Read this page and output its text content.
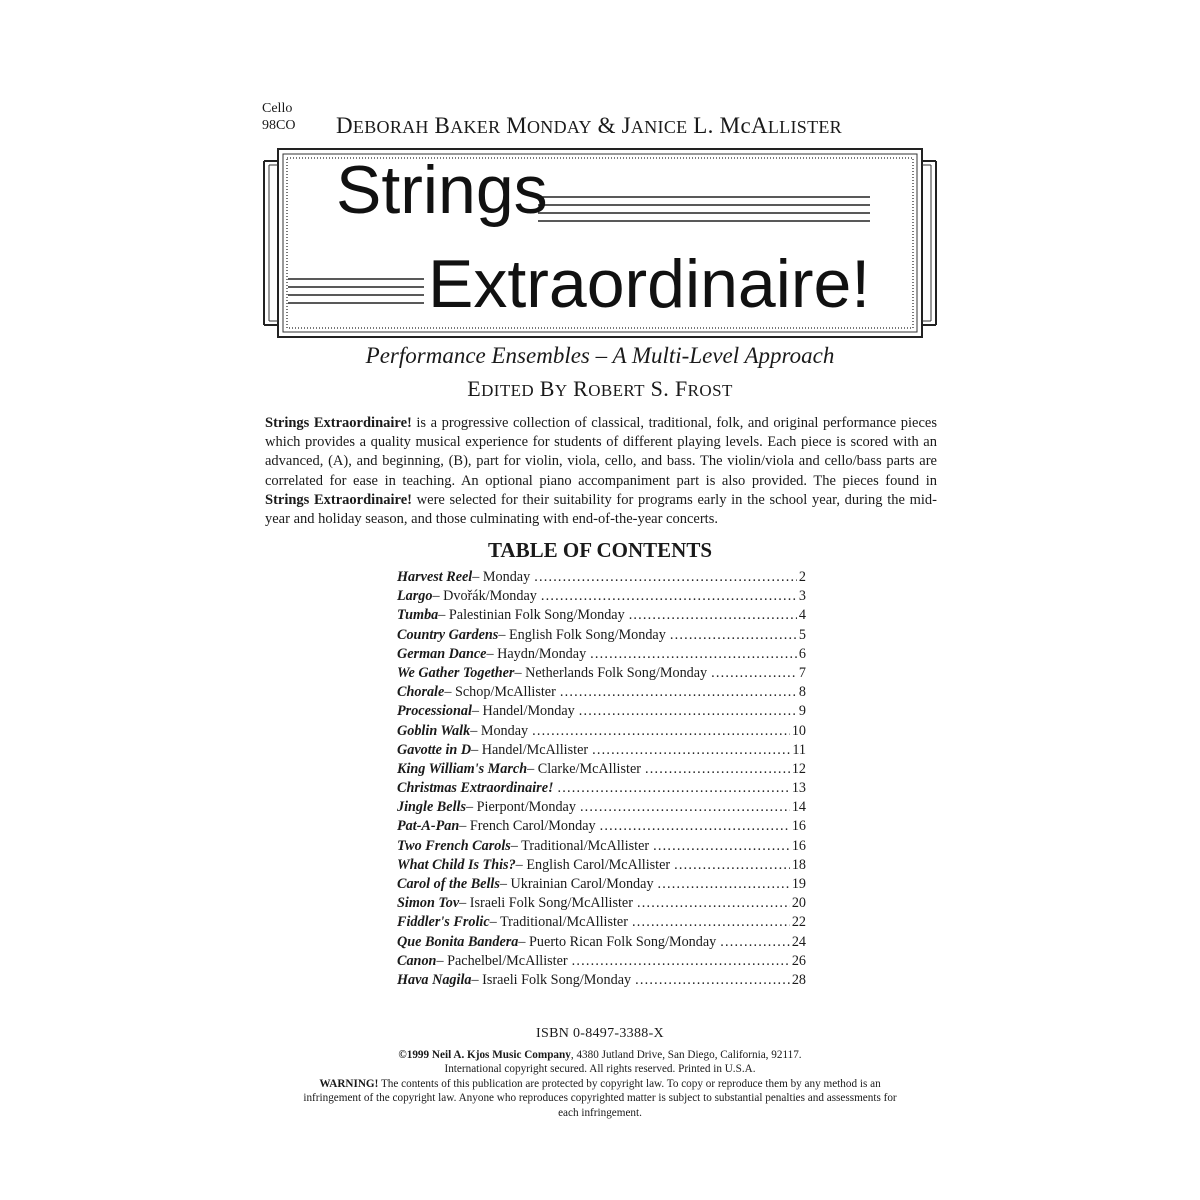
Cello
98CO DEBORAH BAKER MONDAY & JANICE L. McALLISTER
Strings
Extraordinaire!
Performance Ensembles – A Multi-Level Approach
EDITED BY ROBERT S. FROST
Strings Extraordinaire! is a progressive collection of classical, traditional, folk, and original performance pieces which provides a quality musical experience for students of different playing levels. Each piece is scored with an advanced, (A), and beginning, (B), part for violin, viola, cello, and bass. The violin/viola and cello/bass parts are correlated for ease in teaching. An optional piano accompaniment part is also provided. The pieces found in Strings Extraordinaire! were selected for their suitability for programs early in the school year, during the mid-year and holiday season, and those culminating with end-of-the-year concerts.
TABLE OF CONTENTS
Harvest Reel – Monday .....	2
Largo – Dvořák/Monday .....	3
Tumba – Palestinian Folk Song/Monday .....	4
Country Gardens – English Folk Song/Monday .....	5
German Dance – Haydn/Monday .....	6
We Gather Together – Netherlands Folk Song/Monday .....	7
Chorale – Schop/McAllister .....	8
Processional – Handel/Monday .....	9
Goblin Walk – Monday .....	10
Gavotte in D – Handel/McAllister .....	11
King William's March – Clarke/McAllister .....	12
Christmas Extraordinaire! .....	13
Jingle Bells – Pierpont/Monday .....	14
Pat-A-Pan – French Carol/Monday .....	16
Two French Carols – Traditional/McAllister .....	16
What Child Is This? – English Carol/McAllister .....	18
Carol of the Bells – Ukrainian Carol/Monday .....	19
Simon Tov – Israeli Folk Song/McAllister .....	20
Fiddler's Frolic – Traditional/McAllister .....	22
Que Bonita Bandera – Puerto Rican Folk Song/Monday .....	24
Canon – Pachelbel/McAllister .....	26
Hava Nagila – Israeli Folk Song/Monday .....	28
ISBN 0-8497-3388-X

©1999 Neil A. Kjos Music Company, 4380 Jutland Drive, San Diego, California, 92117.

International copyright secured. All rights reserved. Printed in U.S.A.

WARNING! The contents of this publication are protected by copyright law. To copy or reproduce them by any method is an infringement of the copyright law. Anyone who reproduces copyrighted matter is subject to substantial penalties and assessments for each infringement.
